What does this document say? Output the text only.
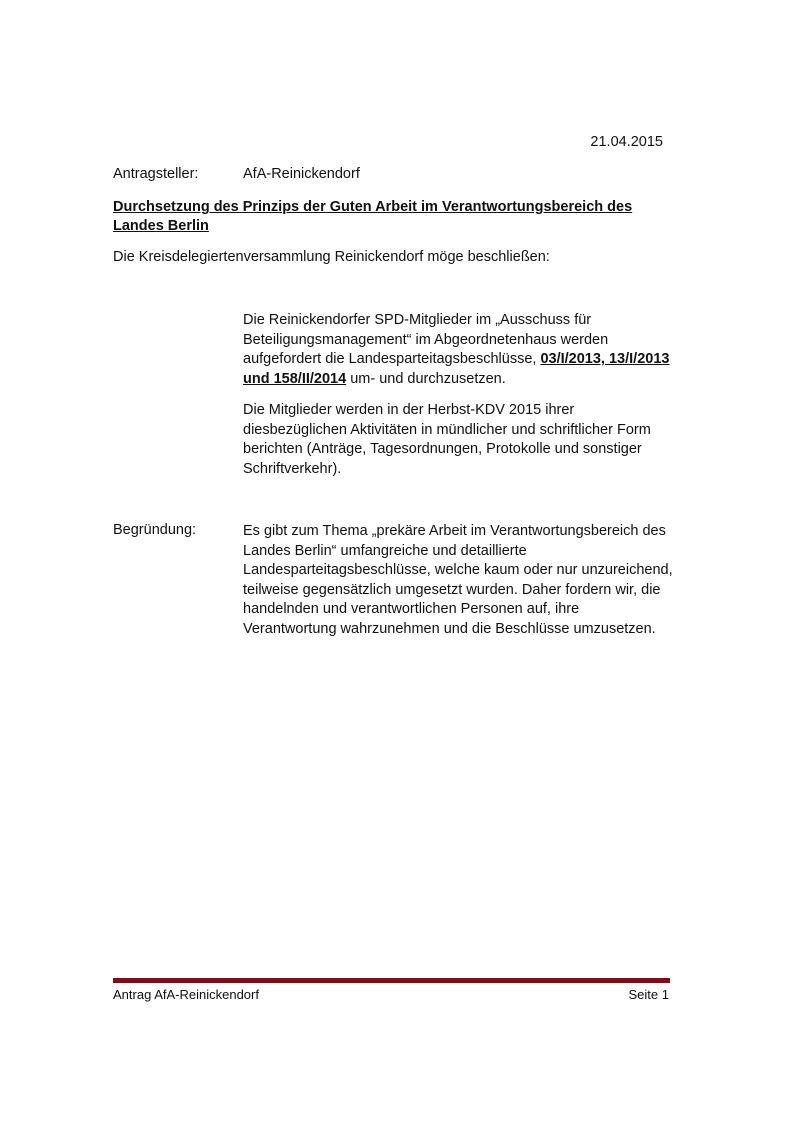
21.04.2015
Antragsteller:	AfA-Reinickendorf
Durchsetzung des Prinzips der Guten Arbeit im Verantwortungsbereich des Landes Berlin
Die Kreisdelegiertenversammlung Reinickendorf möge beschließen:
Die Reinickendorfer SPD-Mitglieder im „Ausschuss für Beteiligungsmanagement“ im Abgeordnetenhaus werden aufgefordert die Landesparteitagsbeschlüsse, 03/I/2013, 13/I/2013 und 158/II/2014 um- und durchzusetzen.
Die Mitglieder werden in der Herbst-KDV 2015 ihrer diesbezüglichen Aktivitäten in mündlicher und schriftlicher Form berichten (Anträge, Tagesordnungen, Protokolle und sonstiger Schriftverkehr).
Begründung:	Es gibt zum Thema „prekäre Arbeit im Verantwortungsbereich des Landes Berlin“ umfangreiche und detaillierte Landesparteitagsbeschlüsse, welche kaum oder nur unzureichend, teilweise gegensätzlich umgesetzt wurden. Daher fordern wir, die handelnden und verantwortlichen Personen auf, ihre Verantwortung wahrzunehmen und die Beschlüsse umzusetzen.
Antrag AfA-Reinickendorf	Seite 1
